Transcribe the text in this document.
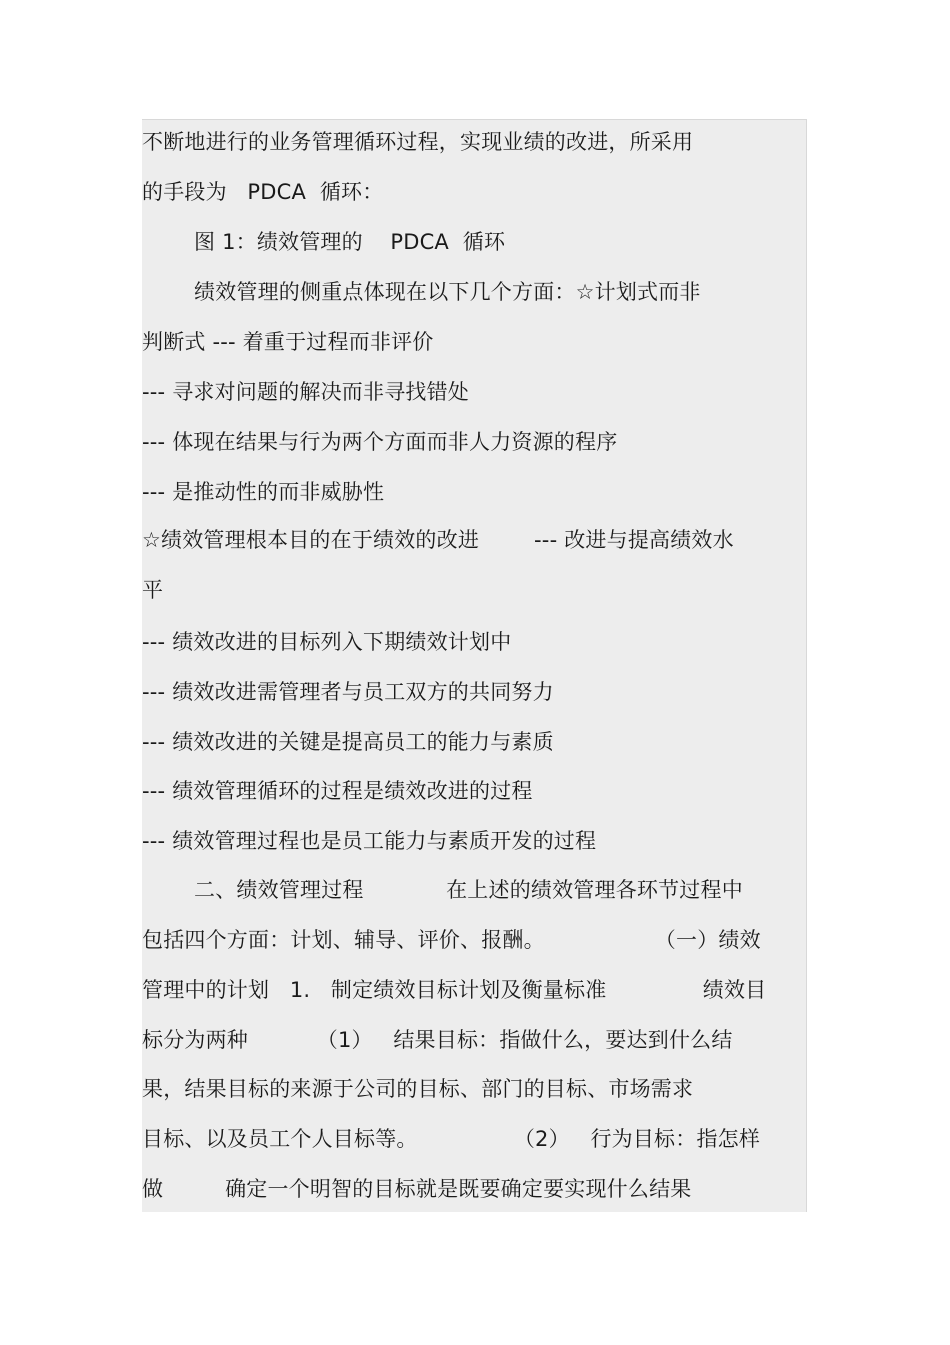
不断地进行的业务管理循环过程，实现业绩的改进，所采用
的手段为   PDCA  循环：
图 1：绩效管理的    PDCA  循环
绩效管理的侧重点体现在以下几个方面：☆计划式而非
判断式 --- 着重于过程而非评价
--- 寻求对问题的解决而非寻找错处
--- 体现在结果与行为两个方面而非人力资源的程序
--- 是推动性的而非威胁性
☆绩效管理根本目的在于绩效的改进        --- 改进与提高绩效水
平
--- 绩效改进的目标列入下期绩效计划中
--- 绩效改进需管理者与员工双方的共同努力
--- 绩效改进的关键是提高员工的能力与素质
--- 绩效管理循环的过程是绩效改进的过程
--- 绩效管理过程也是员工能力与素质开发的过程
二、绩效管理过程            在上述的绩效管理各环节过程中
包括四个方面：计划、辅导、评价、报酬。                （一）绩效
管理中的计划   1.   制定绩效目标计划及衡量标准              绩效目
标分为两种          （1）   结果目标：指做什么，要达到什么结
果，结果目标的来源于公司的目标、部门的目标、市场需求
目标、以及员工个人目标等。              （2）   行为目标：指怎样
做         确定一个明智的目标就是既要确定要实现什么结果
